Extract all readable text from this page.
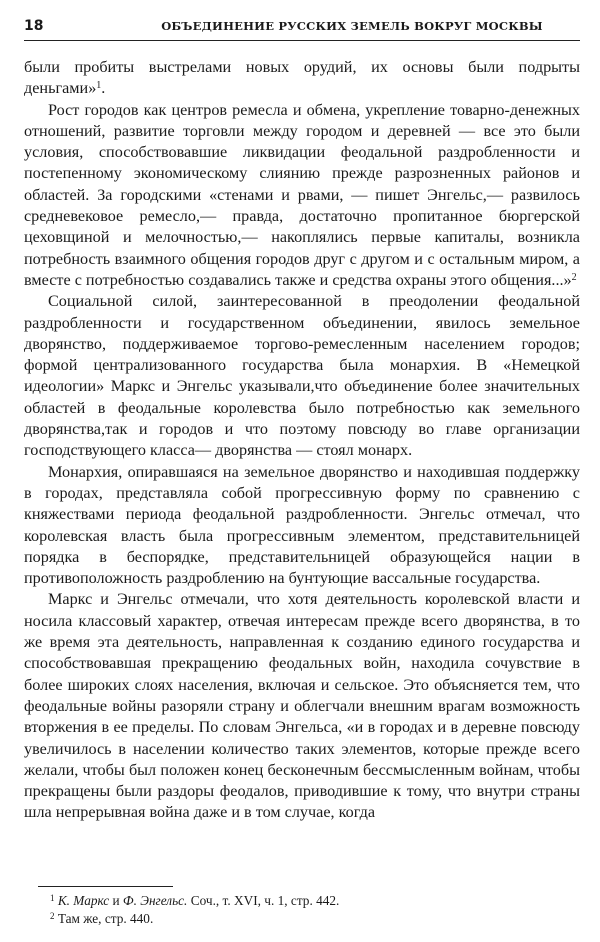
18	ОБЪЕДИНЕНИЕ РУССКИХ ЗЕМЕЛЬ ВОКРУГ МОСКВЫ

были пробиты выстрелами новых орудий, их основы были подрыты деньгами»$^1$.

Рост городов как центров ремесла и обмена, укрепление товарно-денежных отношений, развитие торговли между городом и деревней — все это были условия, способствовавшие ликвидации феодальной раздробленности и постепенному экономическому слиянию прежде разрозненных районов и областей. За городскими «стенами и рвами, — пишет Энгельс,— развилось средневековое ремесло,— правда, достаточно пропитанное бюргерской цеховщиной и мелочностью,— накоплялись первые капиталы, возникла потребность взаимного общения городов друг с другом и с остальным миром, а вместе с потребностью создавались также и средства охраны этого общения...»$^2$

Социальной силой, заинтересованной в преодолении феодальной раздробленности и государственном объединении, явилось земельное дворянство, поддерживаемое торгово-ремесленным населением городов; формой централизованного государства была монархия. В «Немецкой идеологии» Маркс и Энгельс указывали,что объединение более значительных областей в феодальные королевства было потребностью как земельного дворянства,так и городов и что поэтому повсюду во главе организации господствующего класса— дворянства — стоял монарх.

Монархия, опиравшаяся на земельное дворянство и находившая поддержку в городах, представляла собой прогрессивную форму по сравнению с княжествами периода феодальной раздробленности. Энгельс отмечал, что королевская власть была прогрессивным элементом, представительницей порядка в беспорядке, представительницей образующейся нации в противоположность раздроблению на бунтующие вассальные государства.

Маркс и Энгельс отмечали, что хотя деятельность королевской власти и носила классовый характер, отвечая интересам прежде всего дворянства, в то же время эта деятельность, направленная к созданию единого государства и способствовавшая прекращению феодальных войн, находила сочувствие в более широких слоях населения, включая и сельское. Это объясняется тем, что феодальные войны разоряли страну и облегчали внешним врагам возможность вторжения в ее пределы. По словам Энгельса, «и в городах и в деревне повсюду увеличилось в населении количество таких элементов, которые прежде всего желали, чтобы был положен конец бесконечным бессмысленным войнам, чтобы прекращены были раздоры феодалов, приводившие к тому, что внутри страны шла непрерывная война даже и в том случае, когда

$^1$ К. Маркс и Ф. Энгельс. Соч., т. XVI, ч. 1, стр. 442.
$^2$ Там же, стр. 440.
